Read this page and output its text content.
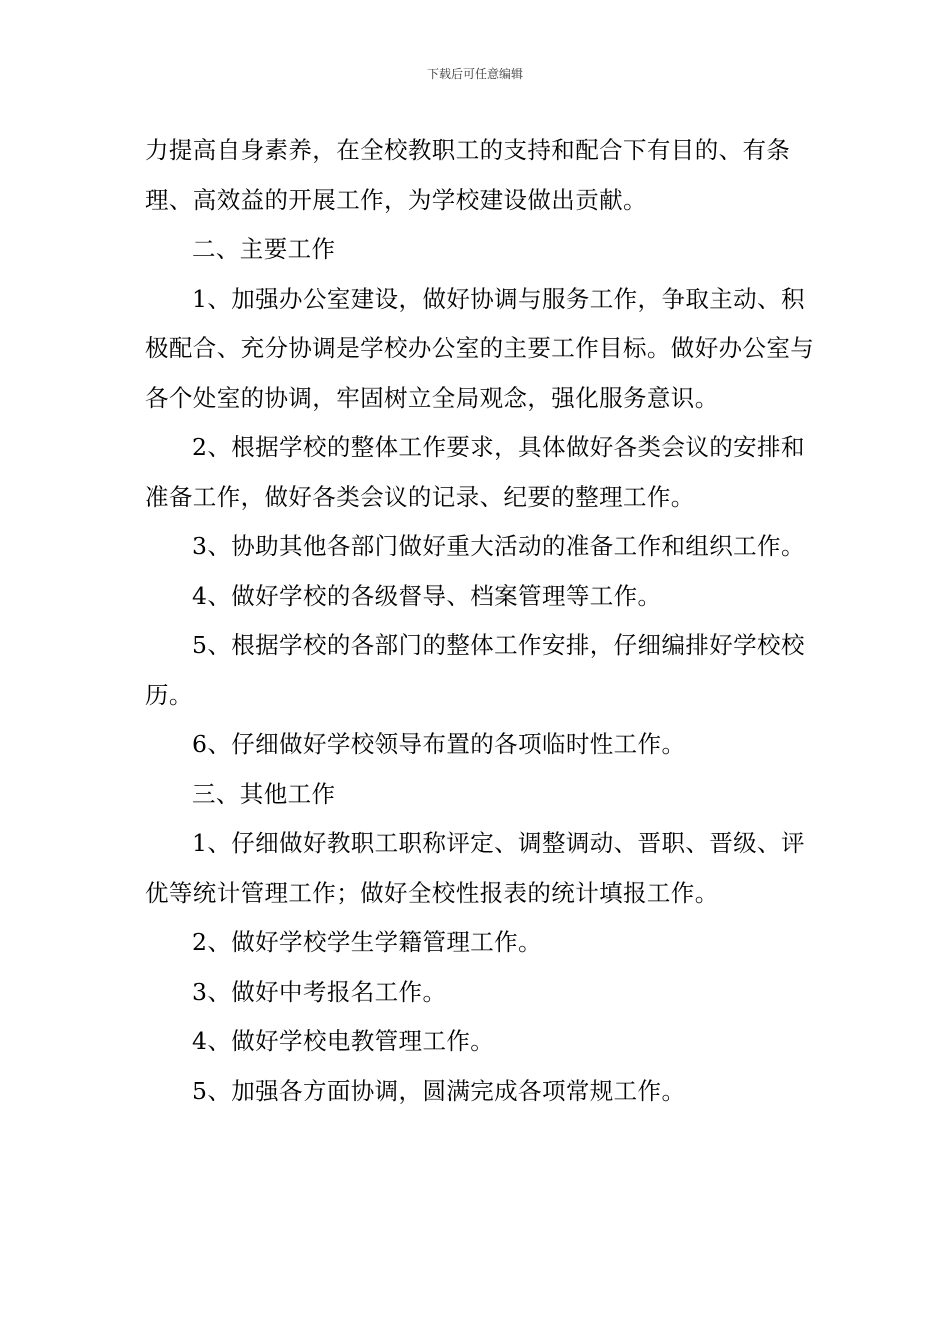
下载后可任意编辑

力提高自身素养，在全校教职工的支持和配合下有目的、有条理、高效益的开展工作，为学校建设做出贡献。

二、主要工作

1、加强办公室建设，做好协调与服务工作，争取主动、积极配合、充分协调是学校办公室的主要工作目标。做好办公室与各个处室的协调，牢固树立全局观念，强化服务意识。

2、根据学校的整体工作要求，具体做好各类会议的安排和准备工作，做好各类会议的记录、纪要的整理工作。

3、协助其他各部门做好重大活动的准备工作和组织工作。

4、做好学校的各级督导、档案管理等工作。

5、根据学校的各部门的整体工作安排，仔细编排好学校校历。

6、仔细做好学校领导布置的各项临时性工作。

三、其他工作

1、仔细做好教职工职称评定、调整调动、晋职、晋级、评优等统计管理工作；做好全校性报表的统计填报工作。

2、做好学校学生学籍管理工作。

3、做好中考报名工作。

4、做好学校电教管理工作。

5、加强各方面协调，圆满完成各项常规工作。
